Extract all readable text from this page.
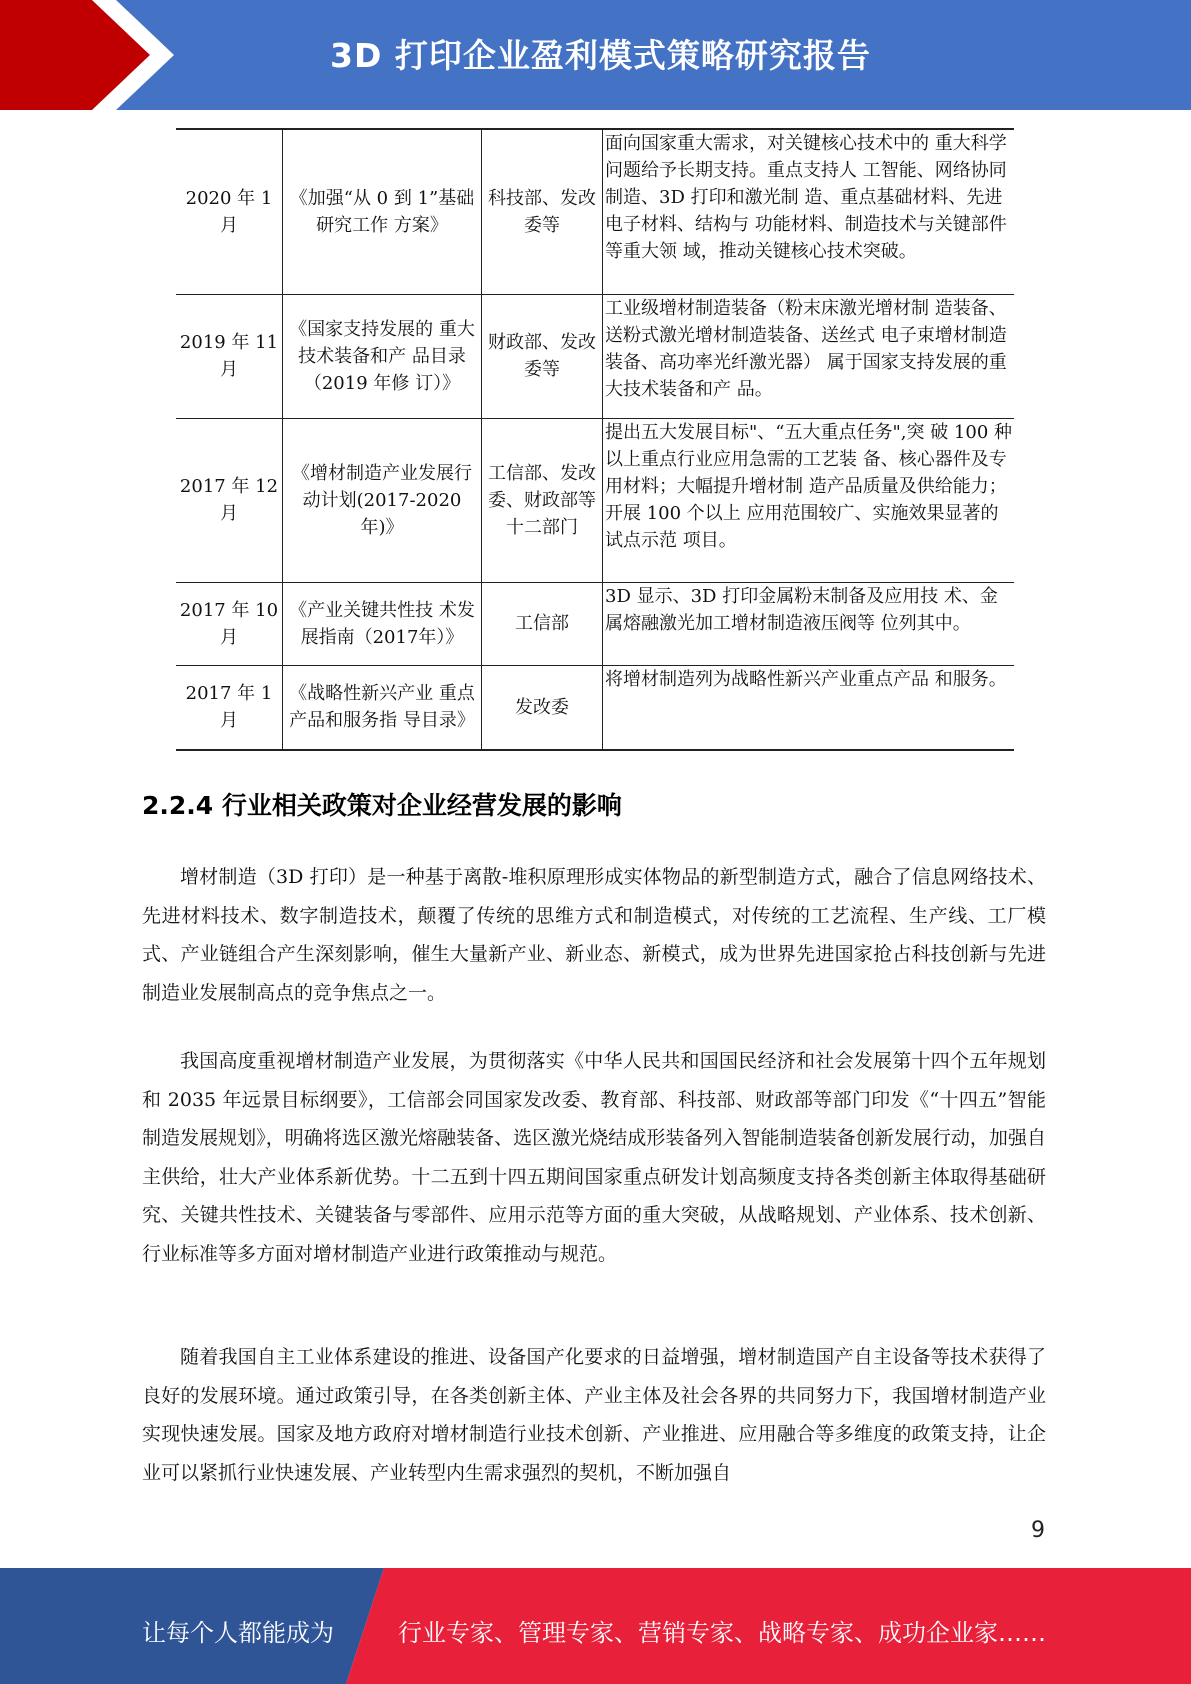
3D 打印企业盈利模式策略研究报告
2020 年 1月	《加强“从 0 到 1”基础研究工作 方案》	科技部、发改委等	面向国家重大需求，对关键核心技术中的 重大科学问题给予长期支持。重点支持人 工智能、网络协同制造、3D 打印和激光制 造、重点基础材料、先进电子材料、结构与 功能材料、制造技术与关键部件等重大领 域，推动关键核心技术突破。
2019 年 11月	《国家支持发展的 重大技术装备和产 品目录（2019 年修 订）》	财政部、发改委等	工业级增材制造装备（粉末床激光增材制 造装备、送粉式激光增材制造装备、送丝式 电子束增材制造装备、高功率光纤激光器） 属于国家支持发展的重大技术装备和产 品。
2017 年 12月	《增材制造产业发展行动计划(2017-2020 年)》	工信部、发改委、财政部等十二部门	提出五大发展目标"、“五大重点任务",突 破 100 种以上重点行业应用急需的工艺装 备、核心器件及专用材料；大幅提升增材制 造产品质量及供给能力；开展 100 个以上 应用范围较广、实施效果显著的试点示范 项目。
2017 年 10月	《产业关键共性技 术发展指南（2017年）》	工信部	3D 显示、3D 打印金属粉末制备及应用技 术、金属熔融激光加工增材制造液压阀等 位列其中。
2017 年 1月	《战略性新兴产业 重点产品和服务指 导目录》	发改委	将增材制造列为战略性新兴产业重点产品 和服务。
2.2.4 行业相关政策对企业经营发展的影响

增材制造（3D 打印）是一种基于离散-堆积原理形成实体物品的新型制造方式，融合了信息网络技术、先进材料技术、数字制造技术，颠覆了传统的思维方式和制造模式，对传统的工艺流程、生产线、工厂模式、产业链组合产生深刻影响，催生大量新产业、新业态、新模式，成为世界先进国家抢占科技创新与先进制造业发展制高点的竞争焦点之一。

我国高度重视增材制造产业发展，为贯彻落实《中华人民共和国国民经济和社会发展第十四个五年规划和 2035 年远景目标纲要》，工信部会同国家发改委、教育部、科技部、财政部等部门印发《“十四五”智能制造发展规划》，明确将选区激光熔融装备、选区激光烧结成形装备列入智能制造装备创新发展行动，加强自主供给，壮大产业体系新优势。十二五到十四五期间国家重点研发计划高频度支持各类创新主体取得基础研究、关键共性技术、关键装备与零部件、应用示范等方面的重大突破，从战略规划、产业体系、技术创新、行业标准等多方面对增材制造产业进行政策推动与规范。

随着我国自主工业体系建设的推进、设备国产化要求的日益增强，增材制造国产自主设备等技术获得了良好的发展环境。通过政策引导，在各类创新主体、产业主体及社会各界的共同努力下，我国增材制造产业实现快速发展。国家及地方政府对增材制造行业技术创新、产业推进、应用融合等多维度的政策支持，让企业可以紧抓行业快速发展、产业转型内生需求强烈的契机，不断加强自

9
让每个人都能成为	行业专家、管理专家、营销专家、战略专家、成功企业家……
